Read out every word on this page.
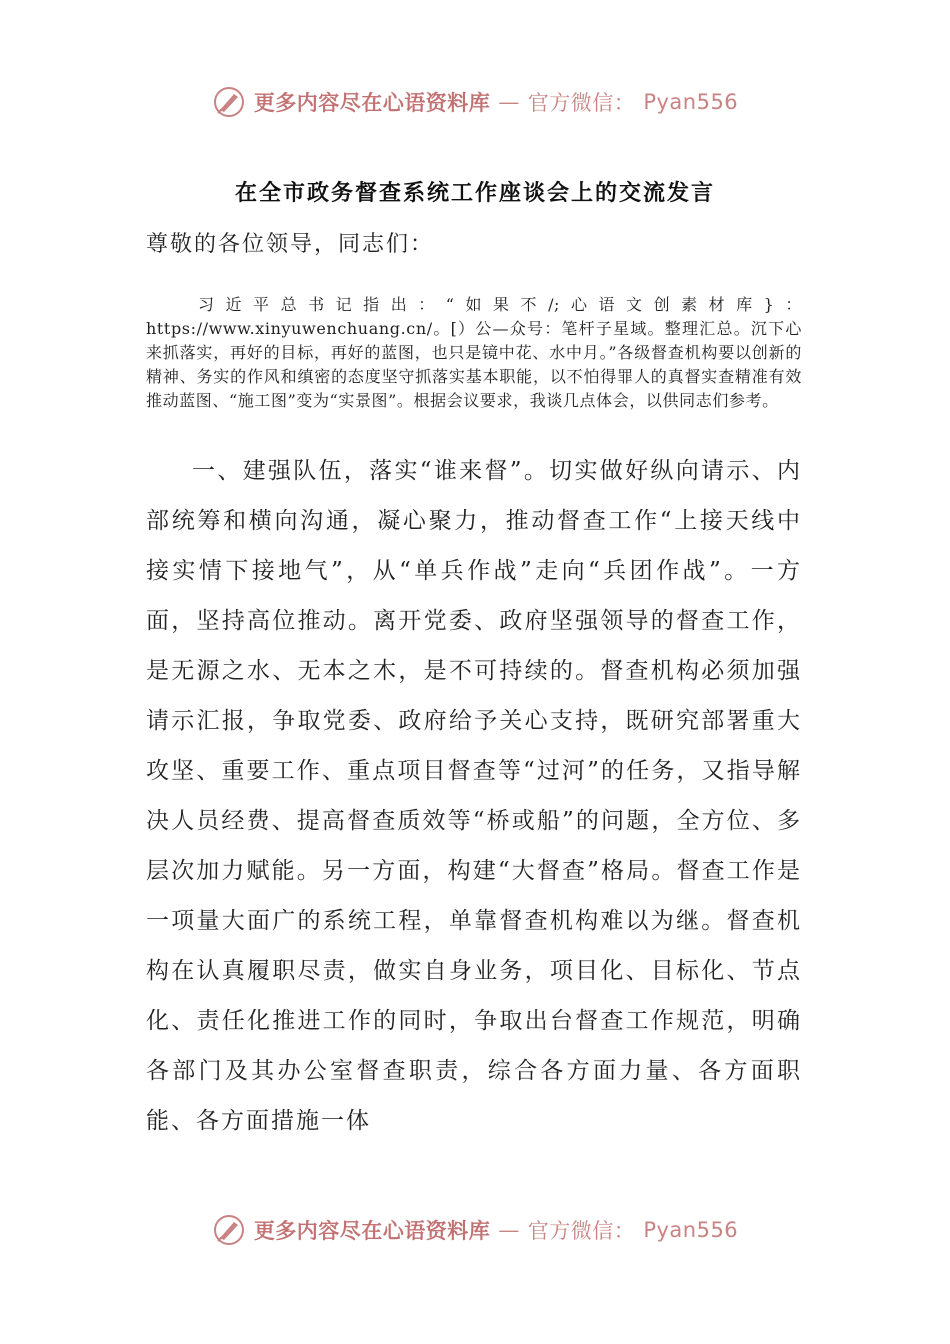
更多内容尽在心语资料库 — 官方微信： Pyan556
在全市政务督查系统工作座谈会上的交流发言
尊敬的各位领导，同志们：
习近平总书记指出：“如果不/;心语文创素材库}：https://www.xinyuwenchuang.cn/。[）公—众号：笔杆子星域。整理汇总。沉下心来抓落实，再好的目标，再好的蓝图，也只是镜中花、水中月。”各级督查机构要以创新的精神、务实的作风和缜密的态度坚守抓落实基本职能，以不怕得罪人的真督实查精准有效推动蓝图、“施工图”变为“实景图”。根据会议要求，我谈几点体会，以供同志们参考。
一、建强队伍，落实“谁来督”。切实做好纵向请示、内部统筹和横向沟通，凝心聚力，推动督查工作“上接天线中接实情下接地气”，从“单兵作战”走向“兵团作战”。一方面，坚持高位推动。离开党委、政府坚强领导的督查工作，是无源之水、无本之木，是不可持续的。督查机构必须加强请示汇报，争取党委、政府给予关心支持，既研究部署重大攻坚、重要工作、重点项目督查等“过河”的任务，又指导解决人员经费、提高督查质效等“桥或船”的问题，全方位、多层次加力赋能。另一方面，构建“大督查”格局。督查工作是一项量大面广的系统工程，单靠督查机构难以为继。督查机构在认真履职尽责，做实自身业务，项目化、目标化、节点化、责任化推进工作的同时，争取出台督查工作规范，明确各部门及其办公室督查职责，综合各方面力量、各方面职能、各方面措施一体
更多内容尽在心语资料库 — 官方微信： Pyan556
